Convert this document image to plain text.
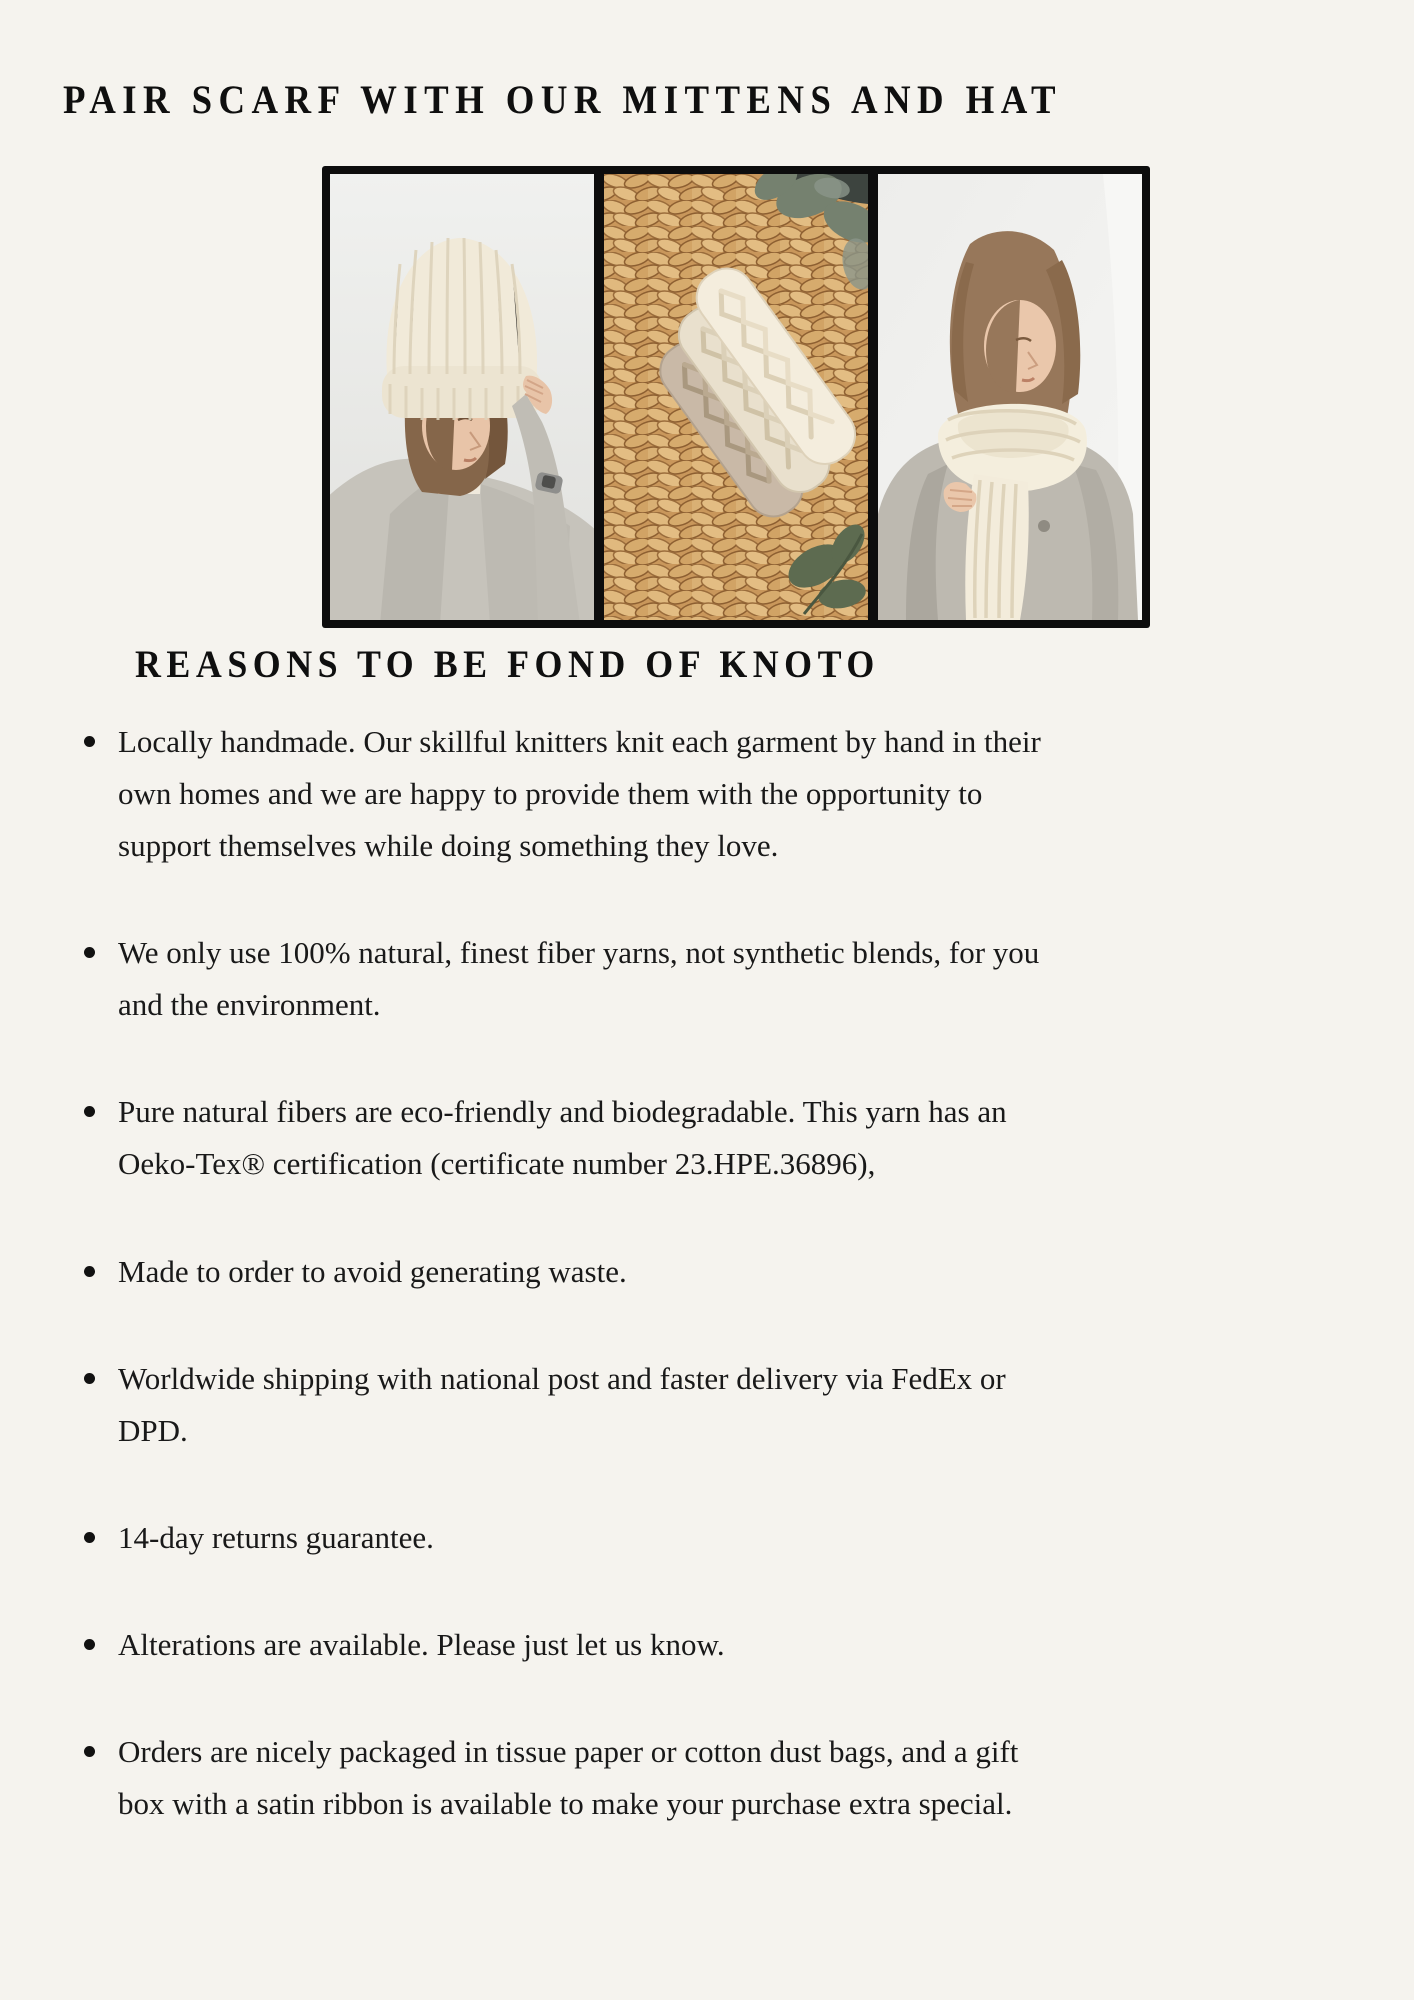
PAIR SCARF WITH OUR MITTENS AND HAT
REASONS TO BE FOND OF KNOTO
Locally handmade. Our skillful knitters knit each garment by hand in their own homes and we are happy to provide them with the opportunity to support themselves while doing something they love.
We only use 100% natural, finest fiber yarns, not synthetic blends, for you and the environment.
Pure natural fibers are eco-friendly and biodegradable. This yarn has an Oeko-Tex® certification (certificate number 23.HPE.36896),
Made to order to avoid generating waste.
Worldwide shipping with national post and faster delivery via FedEx or DPD.
14-day returns guarantee.
Alterations are available. Please just let us know.
Orders are nicely packaged in tissue paper or cotton dust bags, and a gift box with a satin ribbon is available to make your purchase extra special.
